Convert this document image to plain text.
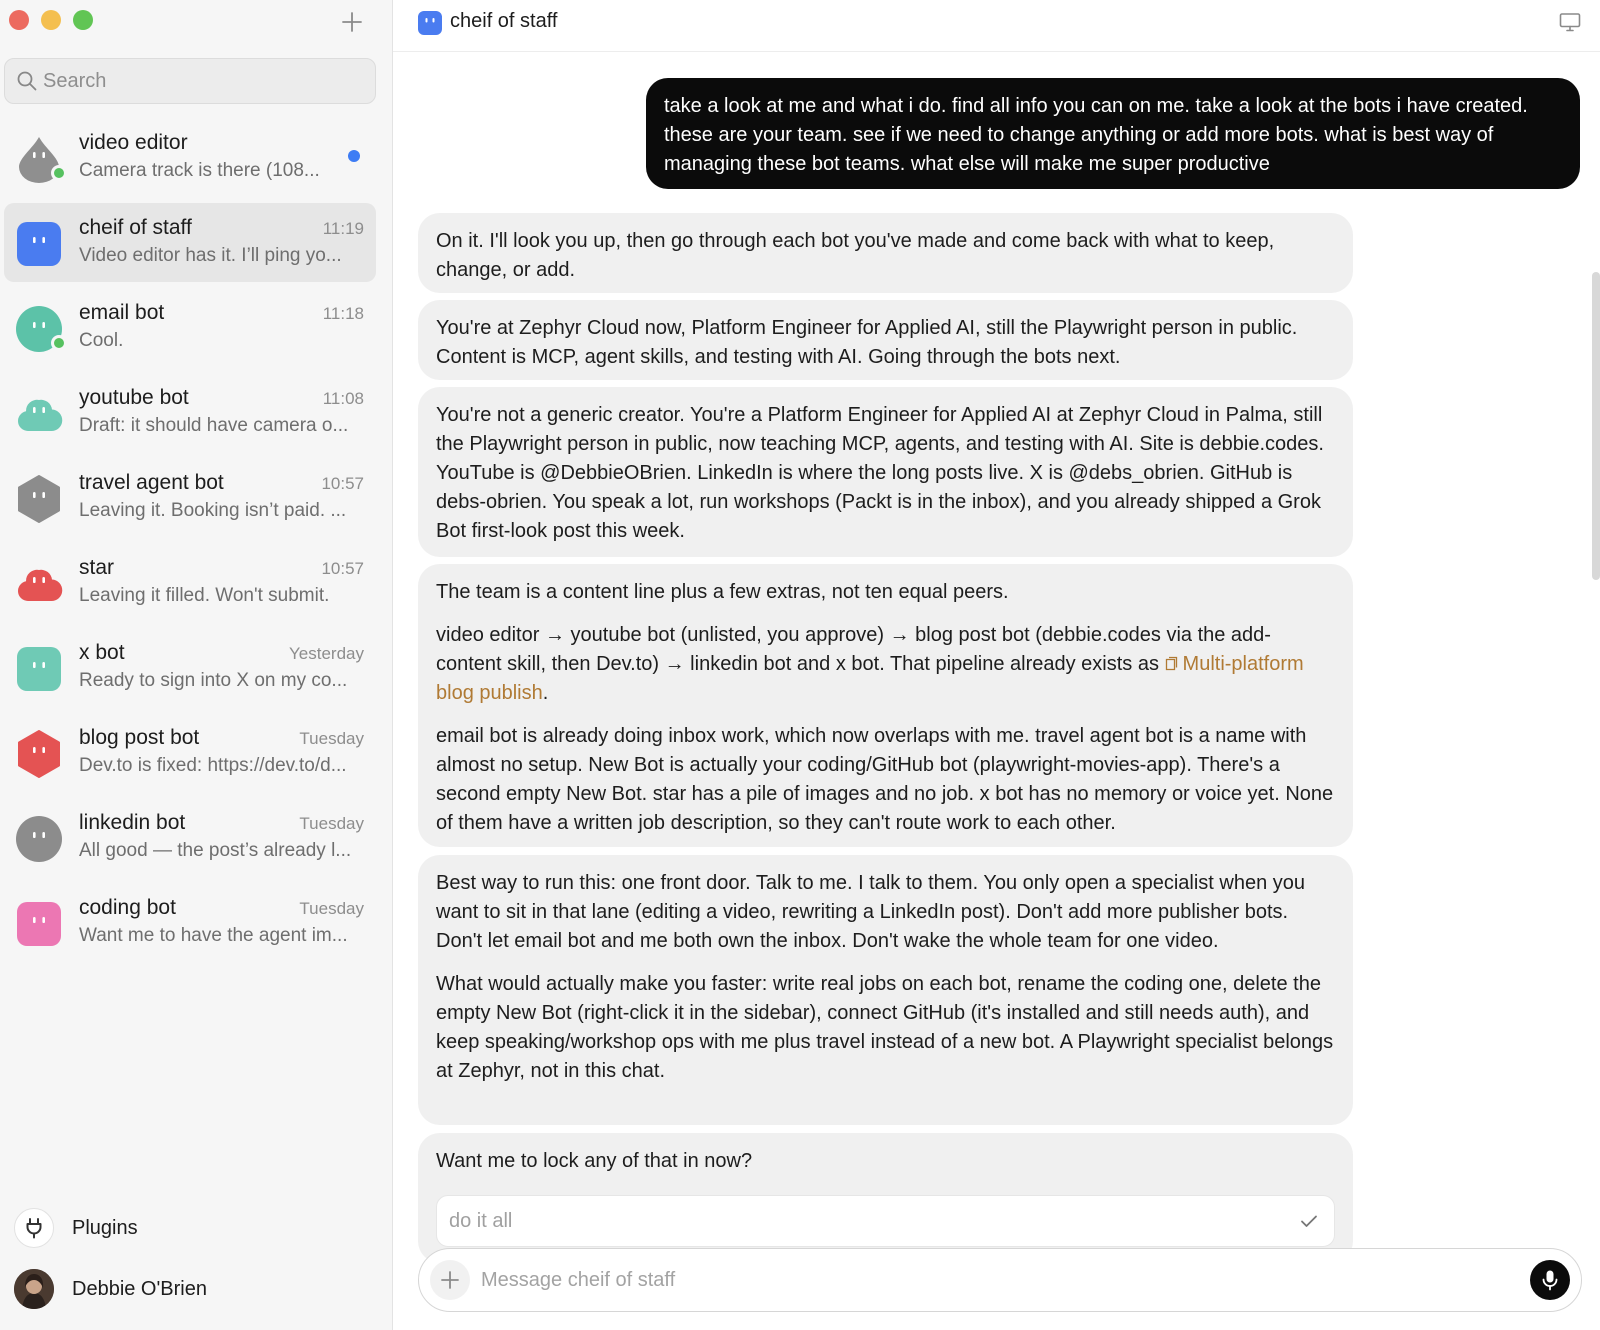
Search
video editor
Camera track is there (108...
cheif of staff	11:19
Video editor has it. I’ll ping yo...
email bot	11:18
Cool.
youtube bot	11:08
Draft: it should have camera o...
travel agent bot	10:57
Leaving it. Booking isn’t paid. ...
star	10:57
Leaving it filled. Won't submit.
x bot	Yesterday
Ready to sign into X on my co...
blog post bot	Tuesday
Dev.to is fixed: https://dev.to/d...
linkedin bot	Tuesday
All good — the post’s already l...
coding bot	Tuesday
Want me to have the agent im...
Plugins
Debbie O'Brien
cheif of staff
take a look at me and what i do. find all info you can on me. take a look at the bots i have created. these are your team. see if we need to change anything or add more bots. what is best way of managing these bot teams. what else will make me super productive

On it. I'll look you up, then go through each bot you've made and come back with what to keep, change, or add.

You're at Zephyr Cloud now, Platform Engineer for Applied AI, still the Playwright person in public. Content is MCP, agent skills, and testing with AI. Going through the bots next.

You're not a generic creator. You're a Platform Engineer for Applied AI at Zephyr Cloud in Palma, still the Playwright person in public, now teaching MCP, agents, and testing with AI. Site is debbie.codes. YouTube is @DebbieOBrien. LinkedIn is where the long posts live. X is @debs_obrien. GitHub is debs-obrien. You speak a lot, run workshops (Packt is in the inbox), and you already shipped a Grok Bot first-look post this week.

The team is a content line plus a few extras, not ten equal peers.

video editor → youtube bot (unlisted, you approve) → blog post bot (debbie.codes via the add-content skill, then Dev.to) → linkedin bot and x bot. That pipeline already exists as Multi-platform blog publish.

email bot is already doing inbox work, which now overlaps with me. travel agent bot is a name with almost no setup. New Bot is actually your coding/GitHub bot (playwright-movies-app). There's a second empty New Bot. star has a pile of images and no job. x bot has no memory or voice yet. None of them have a written job description, so they can't route work to each other.

Best way to run this: one front door. Talk to me. I talk to them. You only open a specialist when you want to sit in that lane (editing a video, rewriting a LinkedIn post). Don't add more publisher bots. Don't let email bot and me both own the inbox. Don't wake the whole team for one video.

What would actually make you faster: write real jobs on each bot, rename the coding one, delete the empty New Bot (right-click it in the sidebar), connect GitHub (it's installed and still needs auth), and keep speaking/workshop ops with me plus travel instead of a new bot. A Playwright specialist belongs at Zephyr, not in this chat.

Want me to lock any of that in now?

do it all
Message cheif of staff
